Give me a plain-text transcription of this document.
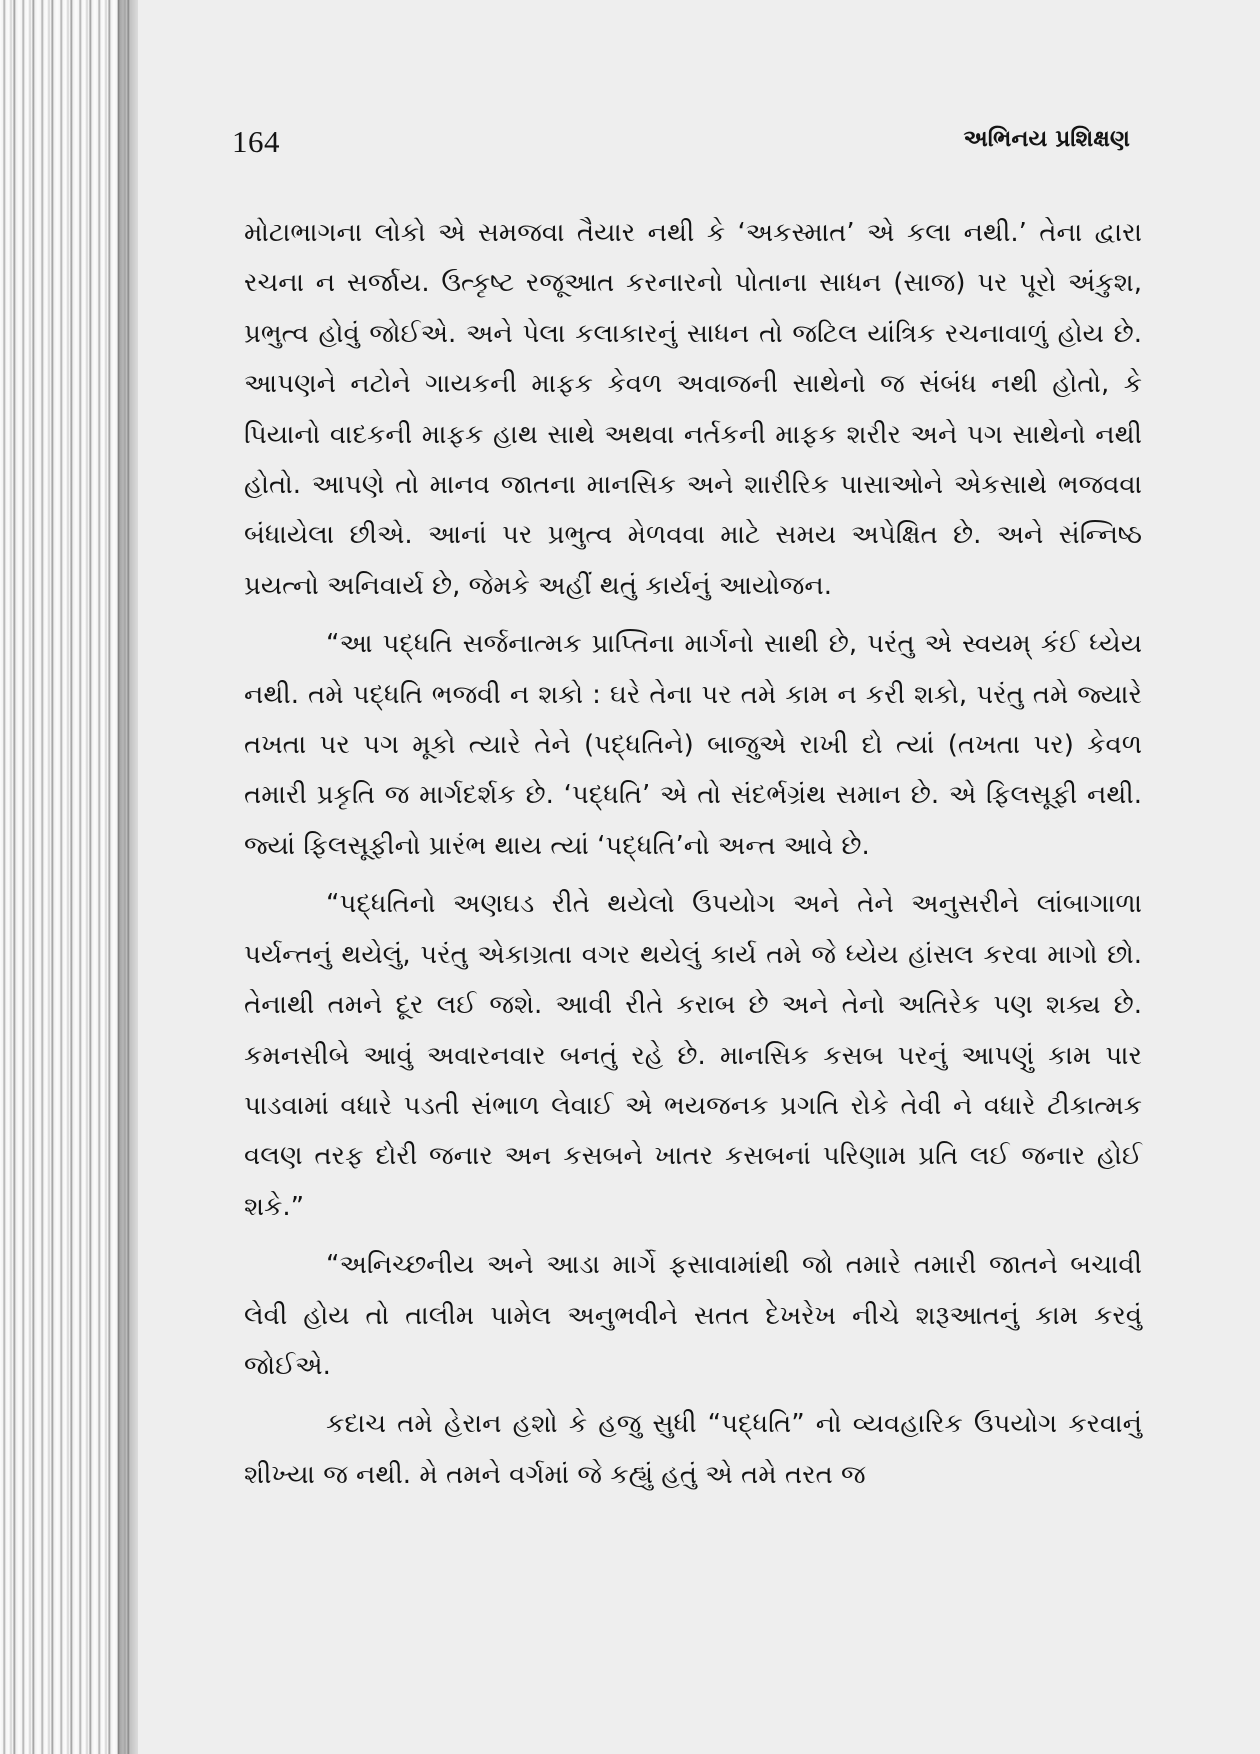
164	અભિનય પ્રશિક્ષણ

મોટાભાગના લોકો એ સમજવા તૈયાર નથી કે ‘અકસ્માત’ એ કલા નથી.’ તેના દ્વારા રચના ન સર્જાય. ઉત્કૃષ્ટ રજૂઆત કરનારનો પોતાના સાધન (સાજ) પર પૂરો અંકુશ, પ્રભુત્વ હોવું જોઈએ. અને પેલા કલાકારનું સાધન તો જટિલ યાંત્રિક રચનાવાળું હોય છે. આપણને નટોને ગાયકની માફક કેવળ અવાજની સાથેનો જ સંબંધ નથી હોતો, કે પિયાનો વાદકની માફક હાથ સાથે અથવા નર્તકની માફક શરીર અને પગ સાથેનો નથી હોતો. આપણે તો માનવ જાતના માનસિક અને શારીરિક પાસાઓને એકસાથે ભજવવા બંધાયેલા છીએ. આનાં પર પ્રભુત્વ મેળવવા માટે સમય અપેક્ષિત છે. અને સંન્નિષ્ઠ પ્રયત્નો અનિવાર્ય છે, જેમકે અહીં થતું કાર્યનું આયોજન.

“આ પદ્ધતિ સર્જનાત્મક પ્રાપ્તિના માર્ગનો સાથી છે, પરંતુ એ સ્વયમ્ કંઈ ધ્યેય નથી. તમે પદ્ધતિ ભજવી ન શકો : ઘરે તેના પર તમે કામ ન કરી શકો, પરંતુ તમે જ્યારે તખતા પર પગ મૂકો ત્યારે તેને (પદ્ધતિને) બાજુએ રાખી દો ત્યાં (તખતા પર) કેવળ તમારી પ્રકૃતિ જ માર્ગદર્શક છે. ‘પદ્ધતિ’ એ તો સંદર્ભગ્રંથ સમાન છે. એ ફિલસૂફી નથી. જ્યાં ફિલસૂફીનો પ્રારંભ થાય ત્યાં ‘પદ્ધતિ’નો અન્ત આવે છે.

“પદ્ધતિનો અણઘડ રીતે થયેલો ઉપયોગ અને તેને અનુસરીને લાંબાગાળા પર્યન્તનું થયેલું, પરંતુ એકાગ્રતા વગર થયેલું કાર્ય તમે જે ધ્યેય હાંસલ કરવા માગો છો. તેનાથી તમને દૂર લઈ જશે. આવી રીતે કરાબ છે અને તેનો અતિરેક પણ શક્ય છે. કમનસીબે આવું અવારનવાર બનતું રહે છે. માનસિક કસબ પરનું આપણું કામ પાર પાડવામાં વધારે પડતી સંભાળ લેવાઈ એ ભયજનક પ્રગતિ રોકે તેવી ને વધારે ટીકાત્મક વલણ તરફ દોરી જનાર અન કસબને ખાતર કસબનાં પરિણામ પ્રતિ લઈ જનાર હોઈ શકે.”

“અનિચ્છનીય અને આડા માર્ગે ફસાવામાંથી જો તમારે તમારી જાતને બચાવી લેવી હોય તો તાલીમ પામેલ અનુભવીને સતત દેખરેખ નીચે શરૂઆતનું કામ કરવું જોઈએ.

કદાચ તમે હેરાન હશો કે હજુ સુધી “પદ્ધતિ” નો વ્યવહારિક ઉપયોગ કરવાનું શીખ્યા જ નથી. મે તમને વર્ગમાં જે કહ્યું હતું એ તમે તરત જ
